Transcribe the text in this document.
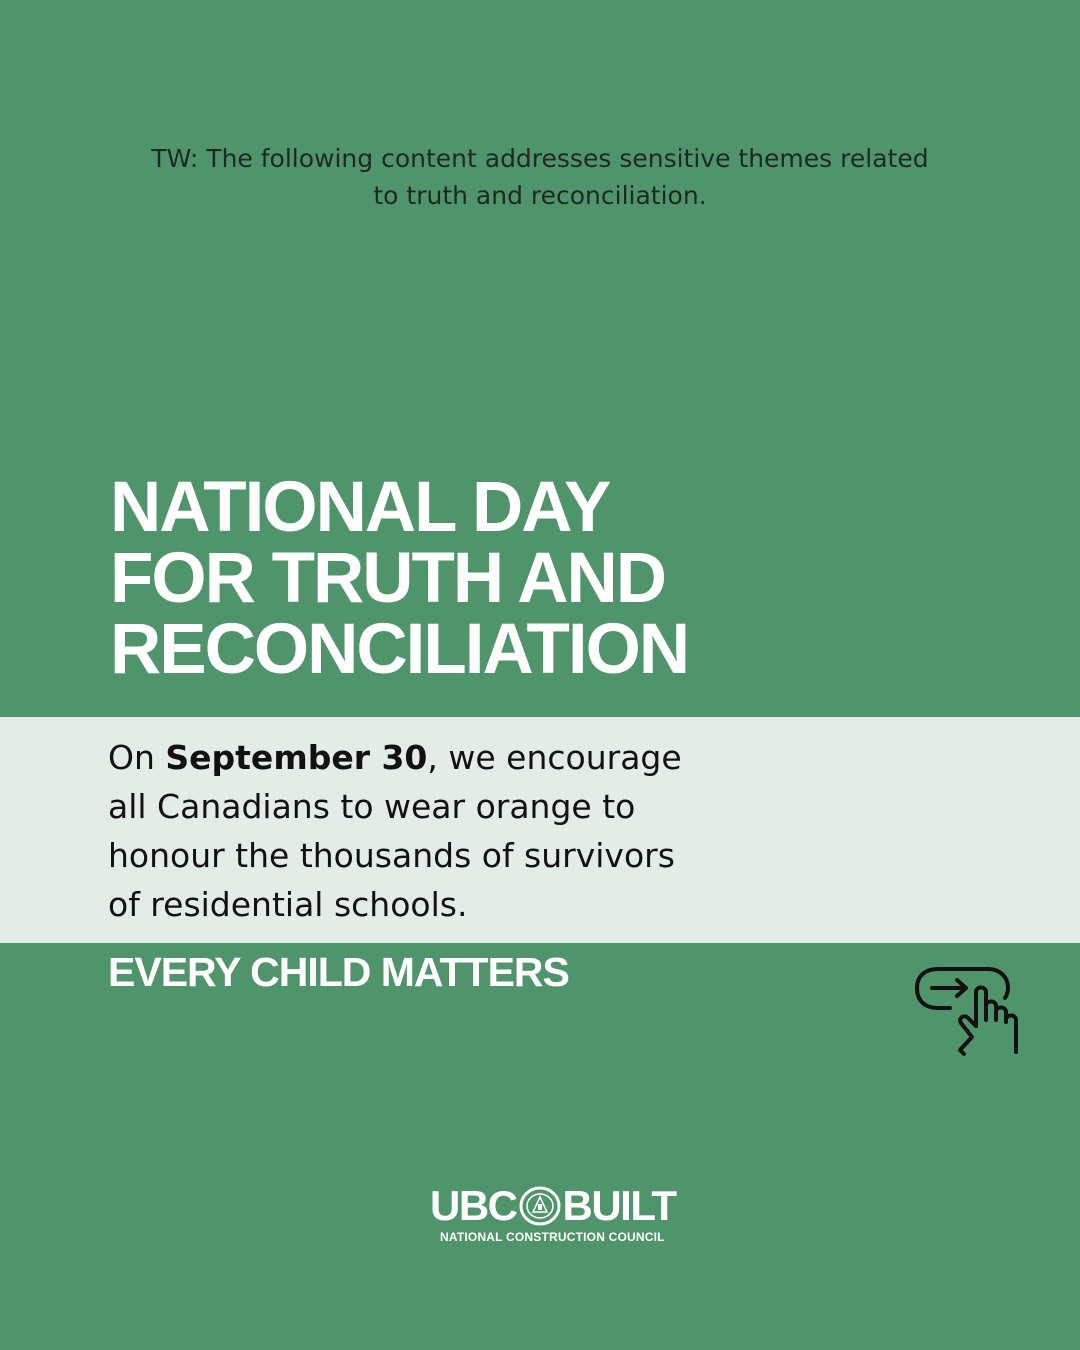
TW: The following content addresses sensitive themes related
to truth and reconciliation.
NATIONAL DAY
FOR TRUTH AND
RECONCILIATION
On September 30, we encourage
all Canadians to wear orange to
honour the thousands of survivors
of residential schools.
EVERY CHILD MATTERS
UBC BUILT
NATIONAL CONSTRUCTION COUNCIL
